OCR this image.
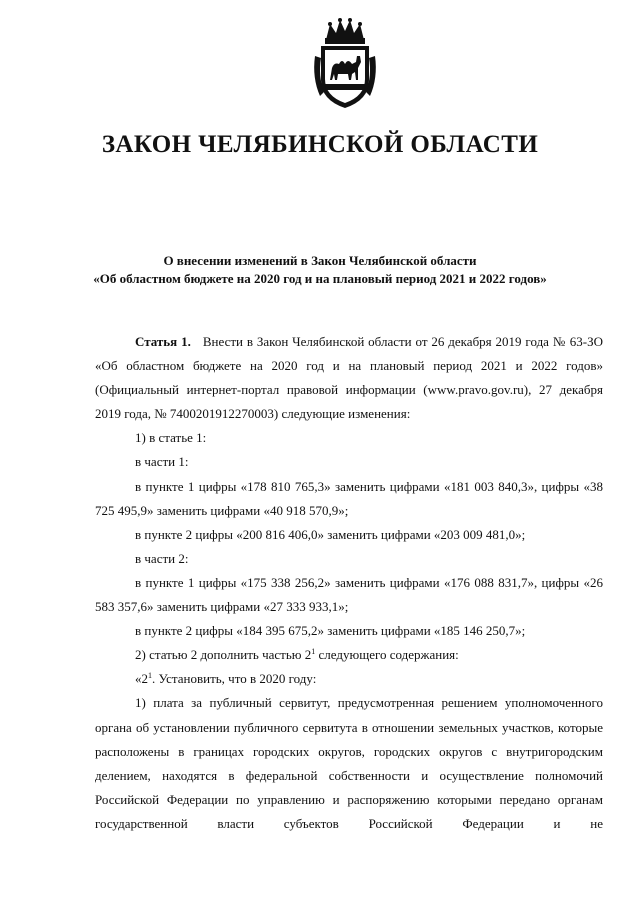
ЗАКОН ЧЕЛЯБИНСКОЙ ОБЛАСТИ
О внесении изменений в Закон Челябинской области
«Об областном бюджете на 2020 год и на плановый период 2021 и 2022 годов»

Статья 1. Внести в Закон Челябинской области от 26 декабря 2019 года № 63-ЗО «Об областном бюджете на 2020 год и на плановый период 2021 и 2022 годов» (Официальный интернет-портал правовой информации (www.pravo.gov.ru), 27 декабря 2019 года, № 7400201912270003) следующие изменения:

1) в статье 1:

в части 1:

в пункте 1 цифры «178 810 765,3» заменить цифрами «181 003 840,3», цифры «38 725 495,9» заменить цифрами «40 918 570,9»;

в пункте 2 цифры «200 816 406,0» заменить цифрами «203 009 481,0»;

в части 2:

в пункте 1 цифры «175 338 256,2» заменить цифрами «176 088 831,7», цифры «26 583 357,6» заменить цифрами «27 333 933,1»;

в пункте 2 цифры «184 395 675,2» заменить цифрами «185 146 250,7»;

2) статью 2 дополнить частью $2^1$ следующего содержания:

«$2^1$. Установить, что в 2020 году:

1) плата за публичный сервитут, предусмотренная решением уполномоченного органа об установлении публичного сервитута в отношении земельных участков, которые расположены в границах городских округов, городских округов с внутригородским делением, находятся в федеральной собственности и осуществление полномочий Российской Федерации по управлению и распоряжению которыми передано органам государственной власти субъектов Российской Федерации и не
